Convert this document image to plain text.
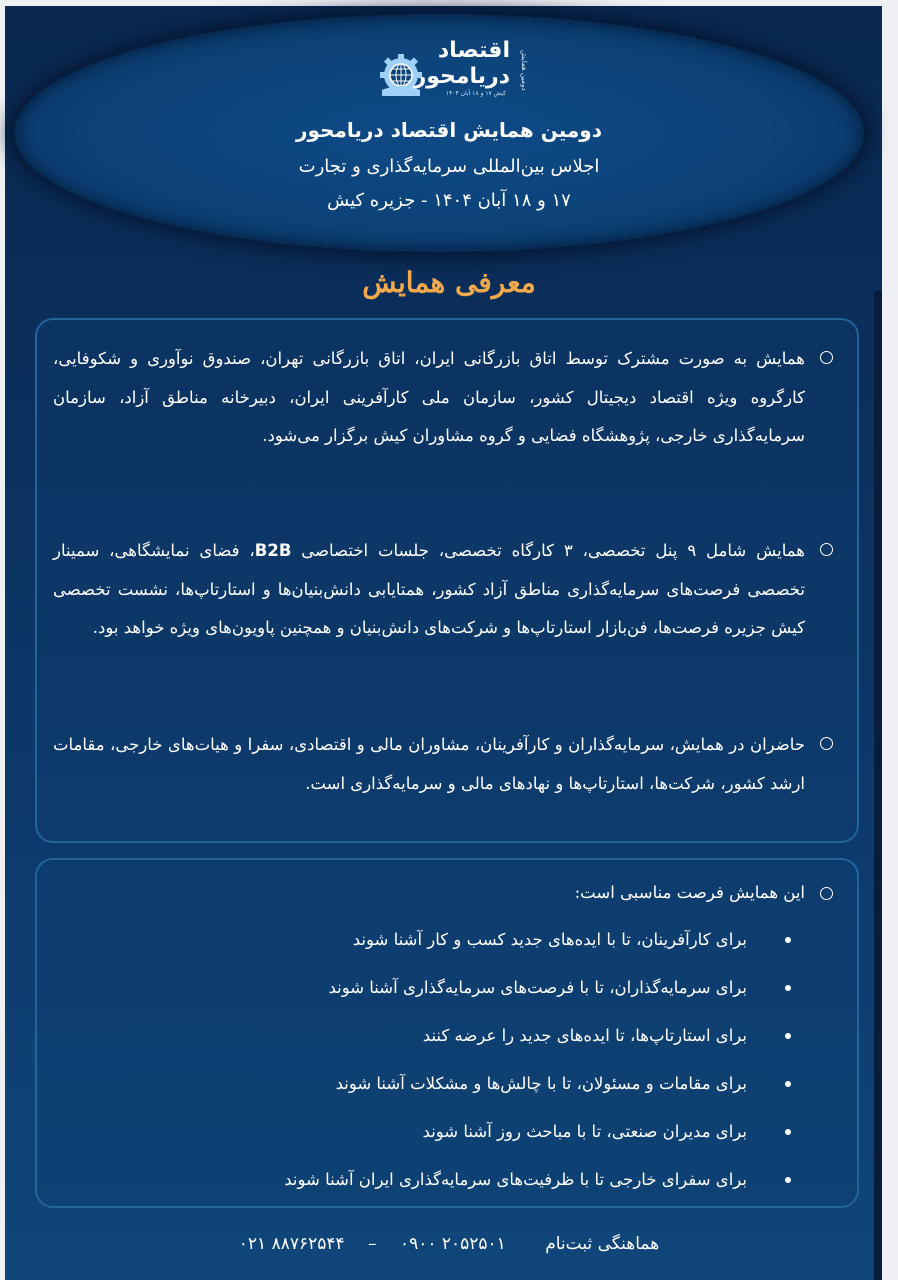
اقتصاد
دریامحور	دومین همایش
کیش ۱۷ و ۱۸ آبان ۱۴۰۴
دومین همایش اقتصاد دریامحور
اجلاس بین‌المللی سرمایه‌گذاری و تجارت
۱۷ و ۱۸ آبان ۱۴۰۴ - جزیره کیش
معرفی همایش
همایش به صورت مشترک توسط اتاق بازرگانی ایران، اتاق بازرگانی تهران، صندوق نوآوری و شکوفایی، کارگروه ویژه اقتصاد دیجیتال کشور، سازمان ملی کارآفرینی ایران، دبیرخانه مناطق آزاد، سازمان سرمایه‌گذاری خارجی، پژوهشگاه فضایی و گروه مشاوران کیش برگزار می‌شود.
همایش شامل ۹ پنل تخصصی، ۳ کارگاه تخصصی، جلسات اختصاصی B2B، فضای نمایشگاهی، سمینار تخصصی فرصت‌های سرمایه‌گذاری مناطق آزاد کشور، همتایابی دانش‌بنیان‌ها و استارتاپ‌ها، نشست تخصصی کیش جزیره فرصت‌ها، فن‌بازار استارتاپ‌ها و شرکت‌های دانش‌بنیان و همچنین پاویون‌های ویژه خواهد بود.
حاضران در همایش، سرمایه‌گذاران و کارآفرینان، مشاوران مالی و اقتصادی، سفرا و هیات‌های خارجی، مقامات ارشد کشور، شرکت‌ها، استارتاپ‌ها و نهادهای مالی و سرمایه‌گذاری است.
این همایش فرصت مناسبی است:
برای کارآفرینان، تا با ایده‌های جدید کسب و کار آشنا شوند
برای سرمایه‌گذاران، تا با فرصت‌های سرمایه‌گذاری آشنا شوند
برای استارتاپ‌ها، تا ایده‌های جدید را عرضه کنند
برای مقامات و مسئولان، تا با چالش‌ها و مشکلات آشنا شوند
برای مدیران صنعتی، تا با مباحث روز آشنا شوند
برای سفرای خارجی تا با ظرفیت‌های سرمایه‌گذاری ایران آشنا شوند
هماهنگی ثبت‌نام ۰۹۰۰ ۲۰۵۲۵۰۱ – ۰۲۱ ۸۸۷۶۲۵۴۴
